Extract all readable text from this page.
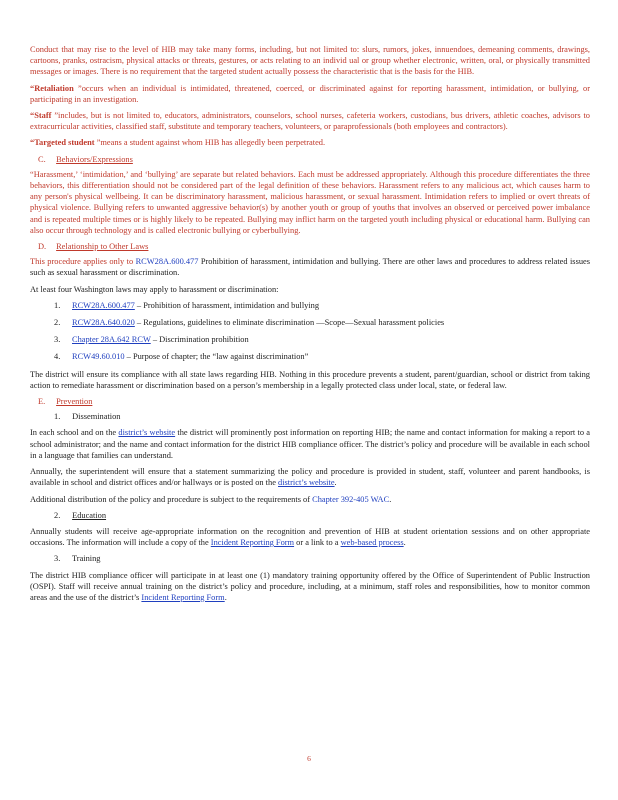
Conduct that may rise to the level of HIB may take many forms, including, but not limited to: slurs, rumors, jokes, innuendoes, demeaning comments, drawings, cartoons, pranks, ostracism, physical attacks or threats, gestures, or acts relating to an individ ual or group whether electronic, written, oral, or physically transmitted messages or images. There is no requirement that the targeted student actually possess the characteristic that is the basis for the HIB.

“Retaliation ”occurs when an individual is intimidated, threatened, coerced, or discriminated against for reporting harassment, intimidation, or bullying, or participating in an investigation.

“Staff ”includes, but is not limited to, educators, administrators, counselors, school nurses, cafeteria workers, custodians, bus drivers, athletic coaches, advisors to extracurricular activities, classified staff, substitute and temporary teachers, volunteers, or paraprofessionals (both employees and contractors).

“Targeted student ”means a student against whom HIB has allegedly been perpetrated.

C. Behaviors/Expressions

“Harassment,’ ‘intimidation,’ and ‘bullying’ are separate but related behaviors. Each must be addressed appropriately. Although this procedure differentiates the three behaviors, this differentiation should not be considered part of the legal definition of these behaviors. Harassment refers to any malicious act, which causes harm to any person's physical wellbeing. It can be discriminatory harassment, malicious harassment, or sexual harassment. Intimidation refers to implied or overt threats of physical violence. Bullying refers to unwanted aggressive behavior(s) by another youth or group of youths that involves an observed or perceived power imbalance and is repeated multiple times or is highly likely to be repeated. Bullying may inflict harm on the targeted youth including physical or educational harm. Bullying can also occur through technology and is called electronic bullying or cyberbullying.

D. Relationship to Other Laws

This procedure applies only to RCW28A.600.477 Prohibition of harassment, intimidation and bullying. There are other laws and procedures to address related issues such as sexual harassment or discrimination.

At least four Washington laws may apply to harassment or discrimination:

1. RCW28A.600.477 – Prohibition of harassment, intimidation and bullying
2. RCW28A.640.020 – Regulations, guidelines to eliminate discrimination —Scope—Sexual harassment policies
3. Chapter 28A.642 RCW – Discrimination prohibition
4. RCW49.60.010 – Purpose of chapter; the “law against discrimination”

The district will ensure its compliance with all state laws regarding HIB. Nothing in this procedure prevents a student, parent/guardian, school or district from taking action to remediate harassment or discrimination based on a person’s membership in a legally protected class under local, state, or federal law.

E. Prevention
1. Dissemination

In each school and on the district’s website the district will prominently post information on reporting HIB; the name and contact information for making a report to a school administrator; and the name and contact information for the district HIB compliance officer. The district’s policy and procedure will be available in each school in a language that families can understand.

Annually, the superintendent will ensure that a statement summarizing the policy and procedure is provided in student, staff, volunteer and parent handbooks, is available in school and district offices and/or hallways or is posted on the district’s website.

Additional distribution of the policy and procedure is subject to the requirements of Chapter 392-405 WAC.

2. Education

Annually students will receive age-appropriate information on the recognition and prevention of HIB at student orientation sessions and on other appropriate occasions. The information will include a copy of the Incident Reporting Form or a link to a web-based process.

3. Training

The district HIB compliance officer will participate in at least one (1) mandatory training opportunity offered by the Office of Superintendent of Public Instruction (OSPI). Staff will receive annual training on the district’s policy and procedure, including, at a minimum, staff roles and responsibilities, how to monitor common areas and the use of the district’s Incident Reporting Form.

6
